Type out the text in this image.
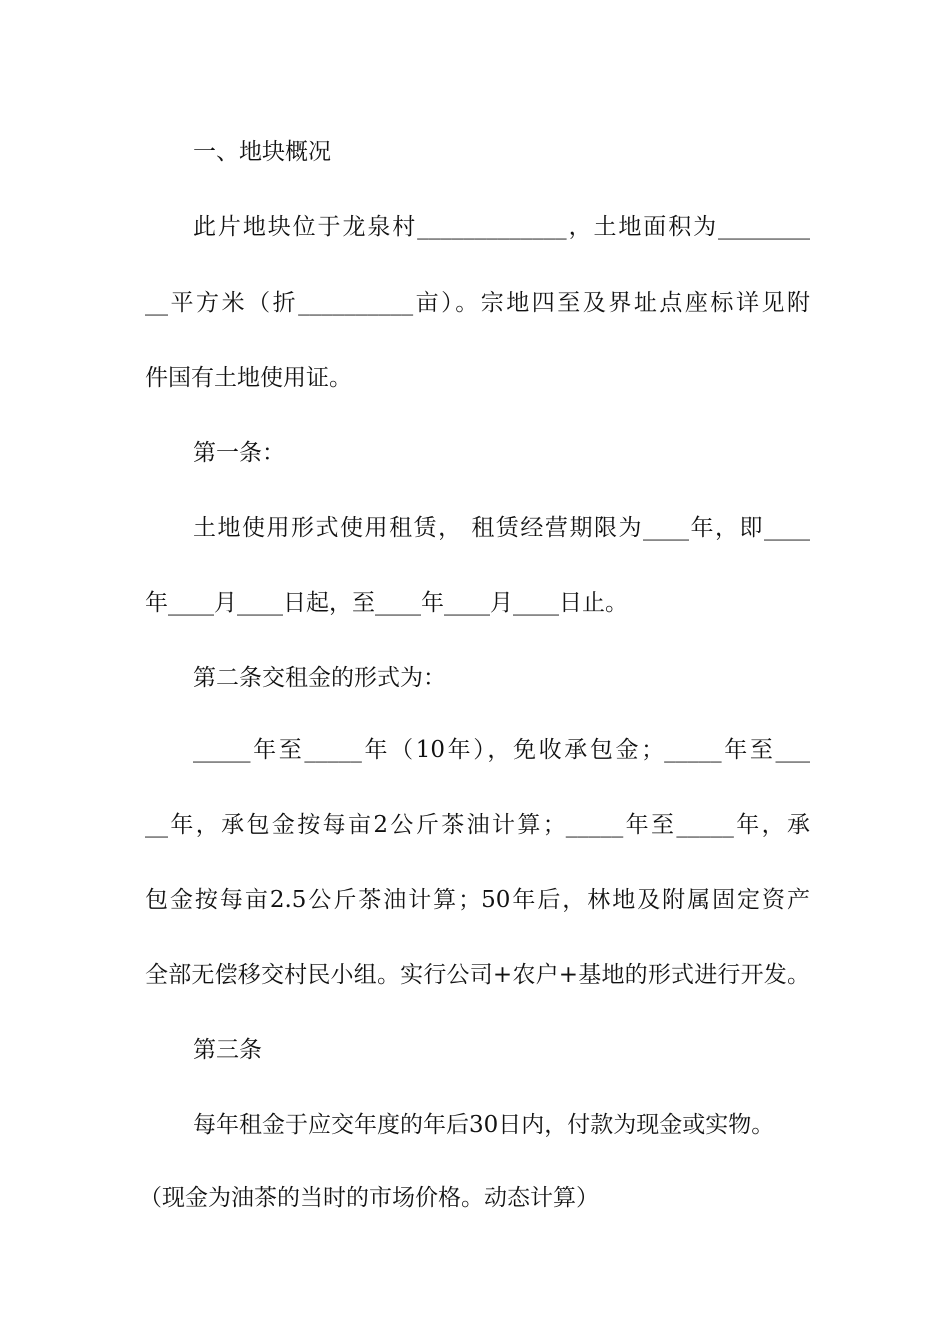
一、地块概况
此片地块位于龙泉村_____________，土地面积为________
__平方米（折__________亩）。宗地四至及界址点座标详见附
件国有土地使用证。
第一条：
土地使用形式使用租赁， 租赁经营期限为____年，即____
年____月____日起，至____年____月____日止。
第二条交租金的形式为：
_____年至_____年（10年），免收承包金；_____年至___
__年，承包金按每亩2公斤茶油计算；_____年至_____年，承
包金按每亩2.5公斤茶油计算；50年后，林地及附属固定资产
全部无偿移交村民小组。实行公司+农户+基地的形式进行开发。
第三条
每年租金于应交年度的年后30日内，付款为现金或实物。
（现金为油茶的当时的市场价格。动态计算）
